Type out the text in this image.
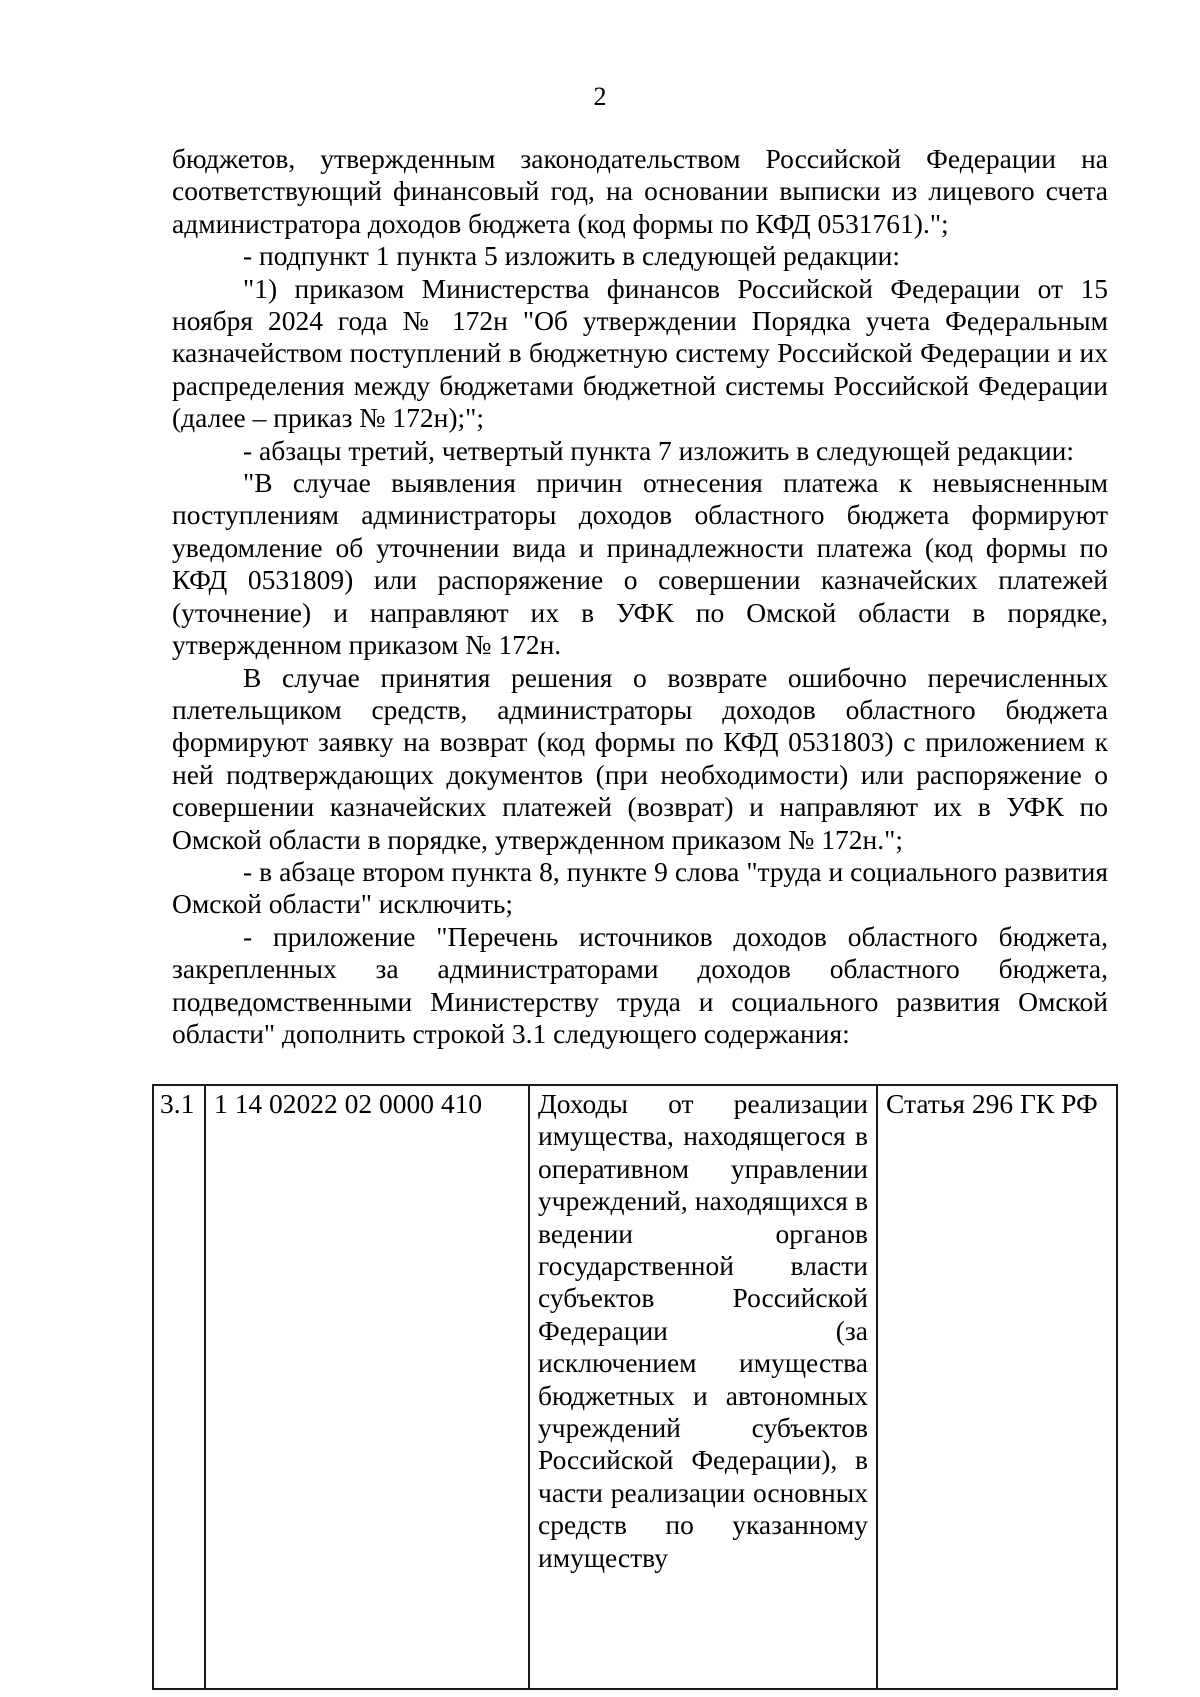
2

бюджетов, утвержденным законодательством Российской Федерации на соответствующий финансовый год, на основании выписки из лицевого счета администратора доходов бюджета (код формы по КФД 0531761).";

- подпункт 1 пункта 5 изложить в следующей редакции:

"1) приказом Министерства финансов Российской Федерации от 15 ноября 2024 года № 172н "Об утверждении Порядка учета Федеральным казначейством поступлений в бюджетную систему Российской Федерации и их распределения между бюджетами бюджетной системы Российской Федерации (далее – приказ № 172н);";

- абзацы третий, четвертый пункта 7 изложить в следующей редакции:

"В случае выявления причин отнесения платежа к невыясненным поступлениям администраторы доходов областного бюджета формируют уведомление об уточнении вида и принадлежности платежа (код формы по КФД 0531809) или распоряжение о совершении казначейских платежей (уточнение) и направляют их в УФК по Омской области в порядке, утвержденном приказом № 172н.

В случае принятия решения о возврате ошибочно перечисленных плетельщиком средств, администраторы доходов областного бюджета формируют заявку на возврат (код формы по КФД 0531803) с приложением к ней подтверждающих документов (при необходимости) или распоряжение о совершении казначейских платежей (возврат) и направляют их в УФК по Омской области в порядке, утвержденном приказом № 172н.";

- в абзаце втором пункта 8, пункте 9 слова "труда и социального развития Омской области" исключить;

- приложение "Перечень источников доходов областного бюджета, закрепленных за администраторами доходов областного бюджета, подведомственными Министерству труда и социального развития Омской области" дополнить строкой 3.1 следующего содержания:

3.1	1 14 02022 02 0000 410	Доходы от реализации имущества, находящегося в оперативном управлении учреждений, находящихся в ведении органов государственной власти субъектов Российской Федерации (за исключением имущества бюджетных и автономных учреждений субъектов Российской Федерации), в части реализации основных средств по указанному имуществу	Статья 296 ГК РФ
